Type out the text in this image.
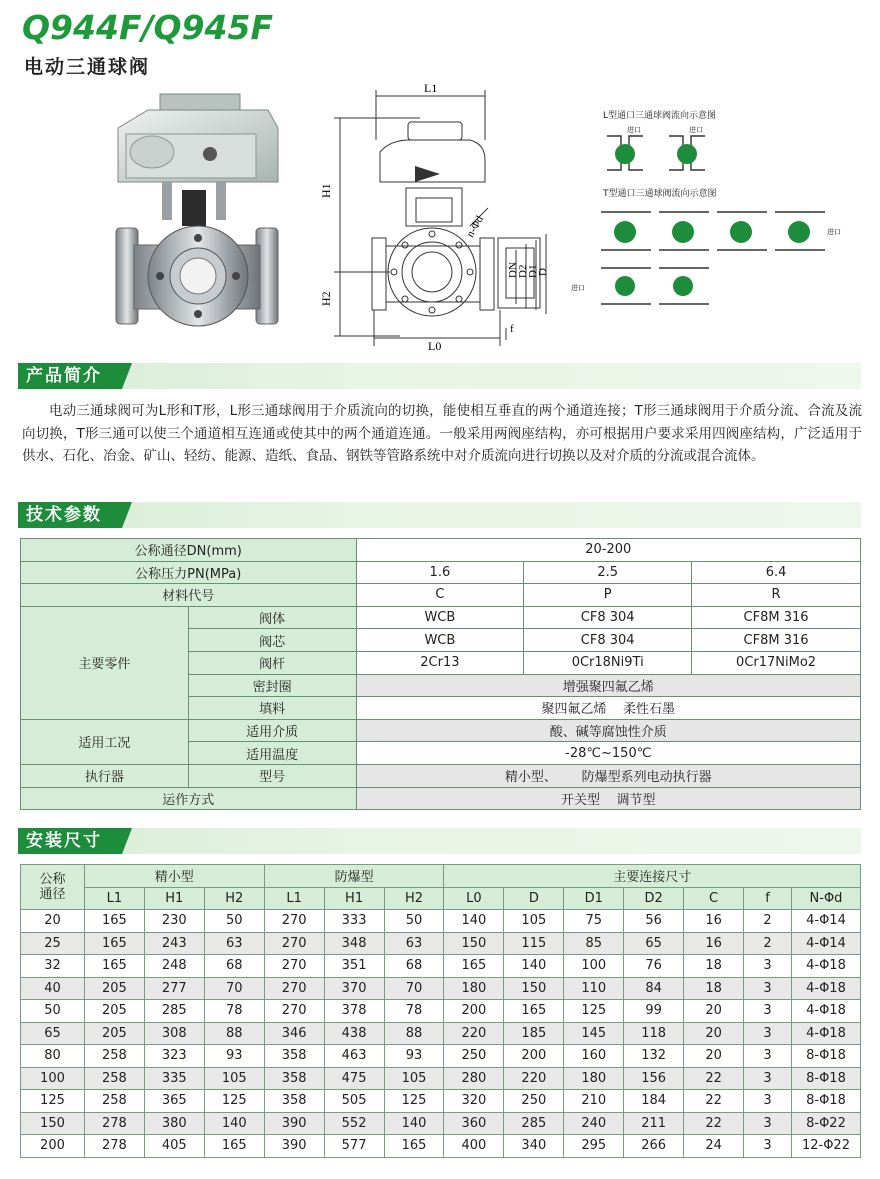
Q944F/Q945F
电动三通球阀
L1
H1
H2
L0
n-Φd
DN
D2
D1
D
f
L型通口三通球阀流向示意图
T型通口三通球阀流向示意图
进口	进口
进口
进口
产品简介
电动三通球阀可为L形和T形，L形三通球阀用于介质流向的切换，能使相互垂直的两个通道连接；T形三通球阀用于介质分流、合流及流向切换，T形三通可以使三个通道相互连通或使其中的两个通道连通。一般采用两阀座结构，亦可根据用户要求采用四阀座结构，广泛适用于供水、石化、冶金、矿山、轻纺、能源、造纸、食品、钢铁等管路系统中对介质流向进行切换以及对介质的分流或混合流体。
技术参数
公称通径DN(mm)		20-200		
公称压力PN(MPa)		1.6	2.5	6.4
材料代号		C	P	R
主要零件	阀体	WCB	CF8 304	CF8M 316
	阀芯	WCB	CF8 304	CF8M 316
	阀杆	2Cr13	0Cr18Ni9Ti	0Cr17NiMo2
	密封圈	增强聚四氟乙烯		
	填料	聚四氟乙烯    柔性石墨		
适用工况	适用介质	酸、碱等腐蚀性介质		
	适用温度	-28℃~150℃		
执行器	型号	精小型、      防爆型系列电动执行器		
运作方式		开关型    调节型		
安装尺寸
公称
通径	精小型			防爆型			主要连接尺寸						
	L1	H1	H2	L1	H1	H2	L0	D	D1	D2	C	f	N-Φd
20	165	230	50	270	333	50	140	105	75	56	16	2	4-Φ14
25	165	243	63	270	348	63	150	115	85	65	16	2	4-Φ14
32	165	248	68	270	351	68	165	140	100	76	18	3	4-Φ18
40	205	277	70	270	370	70	180	150	110	84	18	3	4-Φ18
50	205	285	78	270	378	78	200	165	125	99	20	3	4-Φ18
65	205	308	88	346	438	88	220	185	145	118	20	3	4-Φ18
80	258	323	93	358	463	93	250	200	160	132	20	3	8-Φ18
100	258	335	105	358	475	105	280	220	180	156	22	3	8-Φ18
125	258	365	125	358	505	125	320	250	210	184	22	3	8-Φ18
150	278	380	140	390	552	140	360	285	240	211	22	3	8-Φ22
200	278	405	165	390	577	165	400	340	295	266	24	3	12-Φ22
